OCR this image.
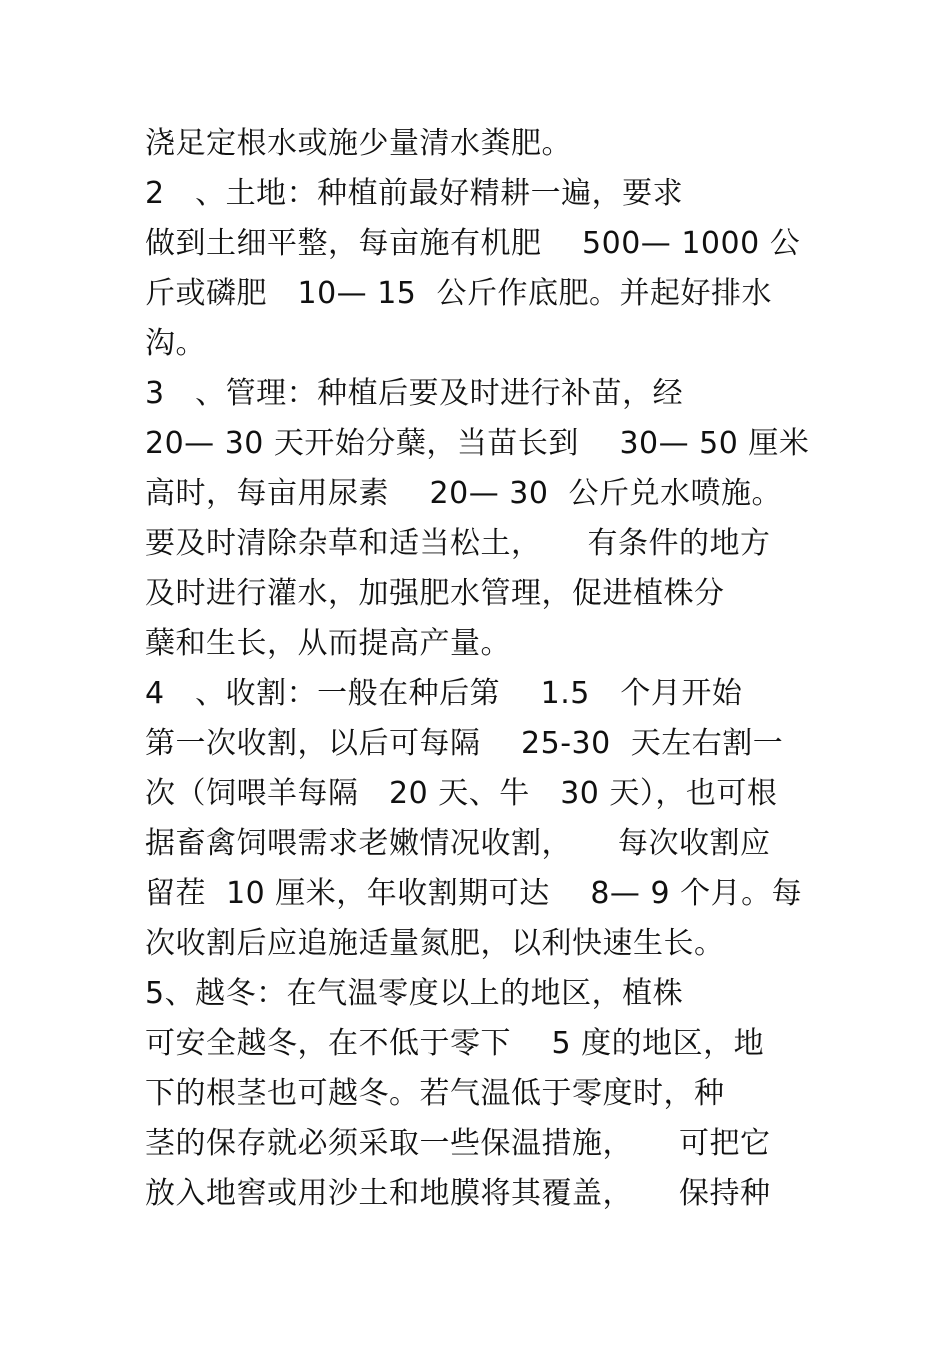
浇足定根水或施少量清水粪肥。
2　、土地：种植前最好精耕一遍，要求
做到土细平整，每亩施有机肥　 500— 1000 公
斤或磷肥　10— 15  公斤作底肥。并起好排水
沟。
3　、管理：种植后要及时进行补苗，经
20— 30 天开始分蘖，当苗长到　 30— 50 厘米
高时，每亩用尿素　 20— 30  公斤兑水喷施。
要及时清除杂草和适当松土，　　有条件的地方
及时进行灌水，加强肥水管理，促进植株分
蘖和生长，从而提高产量。
4　、收割：一般在种后第　 1.5　个月开始
第一次收割，以后可每隔　 25-30  天左右割一
次（饲喂羊每隔　20 天、牛　30 天），也可根
据畜禽饲喂需求老嫩情况收割，　　每次收割应
留茬  10 厘米，年收割期可达　 8— 9 个月。每
次收割后应追施适量氮肥，以利快速生长。
5、越冬：在气温零度以上的地区，植株
可安全越冬，在不低于零下　 5 度的地区，地
下的根茎也可越冬。若气温低于零度时，种
茎的保存就必须采取一些保温措施，　　可把它
放入地窖或用沙土和地膜将其覆盖，　　保持种
